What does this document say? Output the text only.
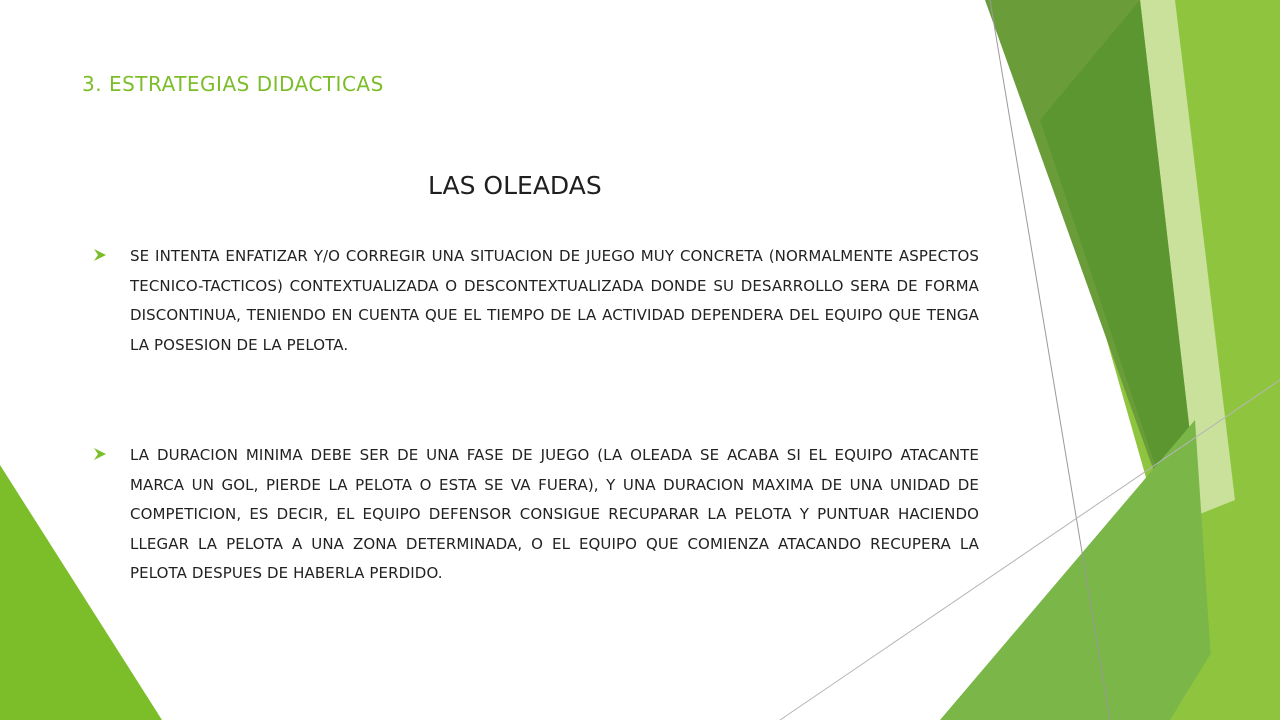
3. ESTRATEGIAS DIDACTICAS
LAS OLEADAS

SE INTENTA ENFATIZAR Y/O CORREGIR UNA SITUACION DE JUEGO MUY CONCRETA (NORMALMENTE ASPECTOS TECNICO-TACTICOS) CONTEXTUALIZADA O DESCONTEXTUALIZADA DONDE SU DESARROLLO SERA DE FORMA DISCONTINUA, TENIENDO EN CUENTA QUE EL TIEMPO DE LA ACTIVIDAD DEPENDERA DEL EQUIPO QUE TENGA LA POSESION DE LA PELOTA.

LA DURACION MINIMA DEBE SER DE UNA FASE DE JUEGO (LA OLEADA SE ACABA SI EL EQUIPO ATACANTE MARCA UN GOL, PIERDE LA PELOTA O ESTA SE VA FUERA), Y UNA DURACION MAXIMA DE UNA UNIDAD DE COMPETICION, ES DECIR, EL EQUIPO DEFENSOR CONSIGUE RECUPARAR LA PELOTA Y PUNTUAR HACIENDO LLEGAR LA PELOTA A UNA ZONA DETERMINADA, O EL EQUIPO QUE COMIENZA ATACANDO RECUPERA LA PELOTA DESPUES DE HABERLA PERDIDO.
